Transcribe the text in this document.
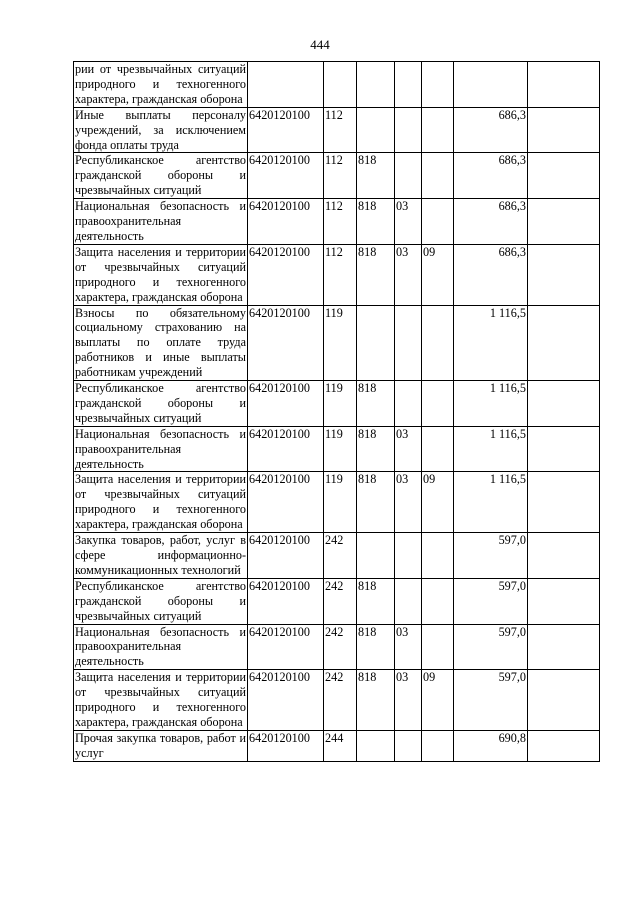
444
рии от чрезвычайных ситуаций природного и техногенного характера, гражданская оборона							
Иные выплаты персоналу учреждений, за исключением фонда оплаты труда	6420120100	112				686,3	
Республиканское агентство гражданской обороны и чрезвычайных ситуаций	6420120100	112	818			686,3	
Национальная безопасность и правоохранительная деятельность	6420120100	112	818	03		686,3	
Защита населения и территории от чрезвычайных ситуаций природного и техногенного характера, гражданская оборона	6420120100	112	818	03	09	686,3	
Взносы по обязательному социальному страхованию на выплаты по оплате труда работников и иные выплаты работникам учреждений	6420120100	119				1 116,5	
Республиканское агентство гражданской обороны и чрезвычайных ситуаций	6420120100	119	818			1 116,5	
Национальная безопасность и правоохранительная деятельность	6420120100	119	818	03		1 116,5	
Защита населения и территории от чрезвычайных ситуаций природного и техногенного характера, гражданская оборона	6420120100	119	818	03	09	1 116,5	
Закупка товаров, работ, услуг в сфере информационно-коммуникационных технологий	6420120100	242				597,0	
Республиканское агентство гражданской обороны и чрезвычайных ситуаций	6420120100	242	818			597,0	
Национальная безопасность и правоохранительная деятельность	6420120100	242	818	03		597,0	
Защита населения и территории от чрезвычайных ситуаций природного и техногенного характера, гражданская оборона	6420120100	242	818	03	09	597,0	
Прочая закупка товаров, работ и услуг	6420120100	244				690,8	
